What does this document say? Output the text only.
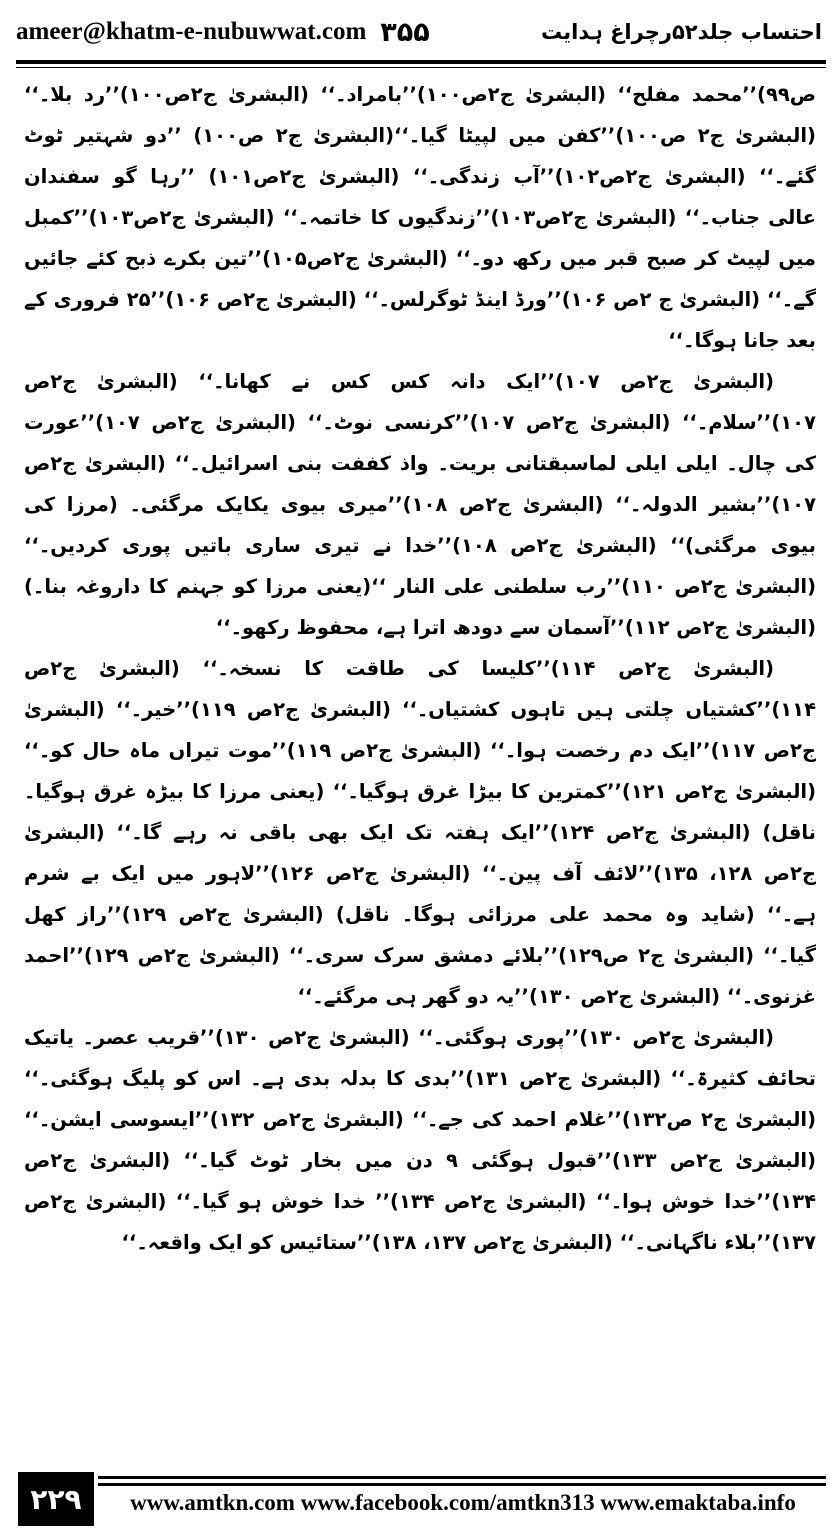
ameer@khatm-e-nubuwwat.com ۳۵۵	احتساب جلد۵۲رچراغ ہدایت

ص۹۹)’’محمد مفلح‘‘ (البشریٰ ج۲ص۱۰۰)’’بامراد۔‘‘ (البشریٰ ج۲ص۱۰۰)’’رد بلا۔‘‘ (البشریٰ ج۲ ص۱۰۰)’’کفن میں لپیٹا گیا۔‘‘(البشریٰ ج۲ ص۱۰۰) ’’دو شہتیر ٹوٹ گئے۔‘‘ (البشریٰ ج۲ص۱۰۲)’’آب زندگی۔‘‘ (البشریٰ ج۲ص۱۰۱) ’’رہا گو سفندان عالی جناب۔‘‘ (البشریٰ ج۲ص۱۰۳)’’زندگیوں کا خاتمہ۔‘‘ (البشریٰ ج۲ص۱۰۳)’’کمبل میں لپیٹ کر صبح قبر میں رکھ دو۔‘‘ (البشریٰ ج۲ص۱۰۵)’’تین بکرے ذبح کئے جائیں گے۔‘‘ (البشریٰ ج ۲ص ۱۰۶)’’ورڈ اینڈ ٹوگرلس۔‘‘ (البشریٰ ج۲ص ۱۰۶)’’۲۵ فروری کے بعد جانا ہوگا۔‘‘

(البشریٰ ج۲ص ۱۰۷)’’ایک دانہ کس کس نے کھانا۔‘‘ (البشریٰ ج۲ص ۱۰۷)’’سلام۔‘‘ (البشریٰ ج۲ص ۱۰۷)’’کرنسی نوٹ۔‘‘ (البشریٰ ج۲ص ۱۰۷)’’عورت کی چال۔ ایلی ایلی لماسبقتانی بریت۔ واذ کففت بنی اسرائیل۔‘‘ (البشریٰ ج۲ص ۱۰۷)’’بشیر الدولہ۔‘‘ (البشریٰ ج۲ص ۱۰۸)’’میری بیوی یکایک مرگئی۔ (مرزا کی بیوی مرگئی)‘‘ (البشریٰ ج۲ص ۱۰۸)’’خدا نے تیری ساری باتیں پوری کردیں۔‘‘ (البشریٰ ج۲ص ۱۱۰)’’رب سلطنی علی النار ‘‘(یعنی مرزا کو جہنم کا داروغہ بنا۔) (البشریٰ ج۲ص ۱۱۲)’’آسمان سے دودھ اترا ہے، محفوظ رکھو۔‘‘

(البشریٰ ج۲ص ۱۱۴)’’کلیسا کی طاقت کا نسخہ۔‘‘ (البشریٰ ج۲ص ۱۱۴)’’کشتیاں چلتی ہیں تاہوں کشتیاں۔‘‘ (البشریٰ ج۲ص ۱۱۹)’’خیر۔‘‘ (البشریٰ ج۲ص ۱۱۷)’’ایک دم رخصت ہوا۔‘‘ (البشریٰ ج۲ص ۱۱۹)’’موت تیراں ماہ حال کو۔‘‘ (البشریٰ ج۲ص ۱۲۱)’’کمترین کا بیڑا غرق ہوگیا۔‘‘ (یعنی مرزا کا بیڑہ غرق ہوگیا۔ ناقل) (البشریٰ ج۲ص ۱۲۴)’’ایک ہفتہ تک ایک بھی باقی نہ رہے گا۔‘‘ (البشریٰ ج۲ص ۱۲۸، ۱۳۵)’’لائف آف پین۔‘‘ (البشریٰ ج۲ص ۱۲۶)’’لاہور میں ایک بے شرم ہے۔‘‘ (شاید وہ محمد علی مرزائی ہوگا۔ ناقل) (البشریٰ ج۲ص ۱۲۹)’’راز کھل گیا۔‘‘ (البشریٰ ج۲ ص۱۲۹)’’بلائے دمشق سرک سری۔‘‘ (البشریٰ ج۲ص ۱۲۹)’’احمد غزنوی۔‘‘ (البشریٰ ج۲ص ۱۳۰)’’یہ دو گھر ہی مرگئے۔‘‘

(البشریٰ ج۲ص ۱۳۰)’’پوری ہوگئی۔‘‘ (البشریٰ ج۲ص ۱۳۰)’’قریب عصر۔ یاتیک تحائف کثیرۃ۔‘‘ (البشریٰ ج۲ص ۱۳۱)’’بدی کا بدلہ بدی ہے۔ اس کو پلیگ ہوگئی۔‘‘ (البشریٰ ج۲ ص۱۳۲)’’غلام احمد کی جے۔‘‘ (البشریٰ ج۲ص ۱۳۲)’’ایسوسی ایشن۔‘‘ (البشریٰ ج۲ص ۱۳۳)’’قبول ہوگئی ۹ دن میں بخار ٹوٹ گیا۔‘‘ (البشریٰ ج۲ص ۱۳۴)’’خدا خوش ہوا۔‘‘ (البشریٰ ج۲ص ۱۳۴)’’ خدا خوش ہو گیا۔‘‘ (البشریٰ ج۲ص ۱۳۷)’’بلاء ناگہانی۔‘‘ (البشریٰ ج۲ص ۱۳۷، ۱۳۸)’’ستائیس کو ایک واقعہ۔‘‘

۲۲۹	www.amtkn.com www.facebook.com/amtkn313 www.emaktaba.info
